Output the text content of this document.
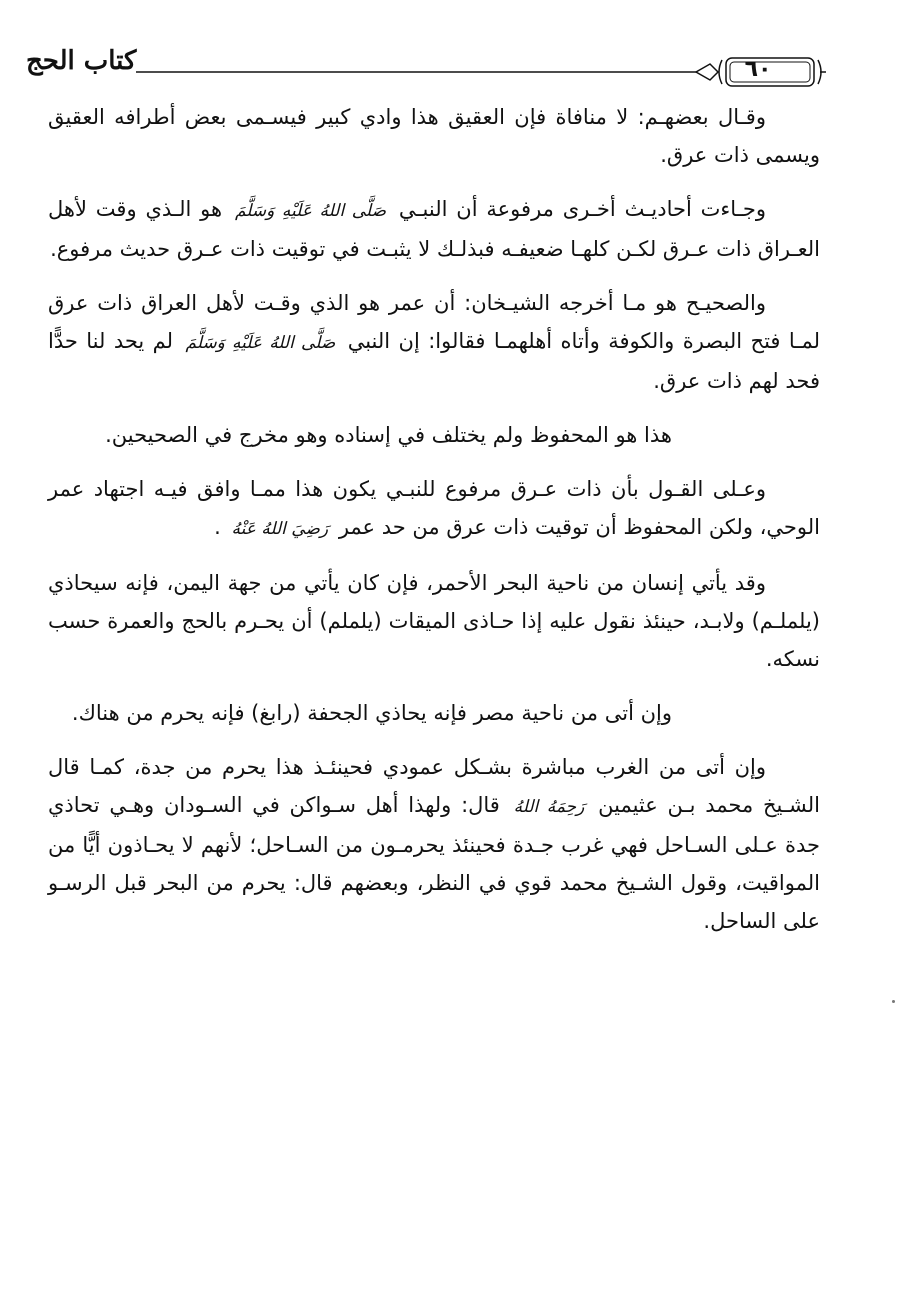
كتاب الحج	٦٠

وقـال بعضهـم: لا منافاة فإن العقيق هذا وادي كبير فيسـمى بعض أطرافه العقيق ويسمى ذات عرق.

وجـاءت أحاديـث أخـرى مرفوعة أن النبـي صَلَّى اللهُ عَلَيْهِ وَسَلَّمَ هو الـذي وقت لأهل العـراق ذات عـرق لكـن كلهـا ضعيفـه فبذلـك لا يثبـت في توقيت ذات عـرق حديث مرفوع.

والصحيـح هو مـا أخرجه الشيـخان: أن عمر هو الذي وقـت لأهل العراق ذات عرق لمـا فتح البصرة والكوفة وأتاه أهلهمـا فقالوا: إن النبي صَلَّى اللهُ عَلَيْهِ وَسَلَّمَ لم يحد لنا حدًّا فحد لهم ذات عرق.

هذا هو المحفوظ ولم يختلف في إسناده وهو مخرج في الصحيحين.

وعـلى القـول بأن ذات عـرق مرفوع للنبـي يكون هذا ممـا وافق فيـه اجتهاد عمر الوحي، ولكن المحفوظ أن توقيت ذات عرق من حد عمر رَضِيَ اللهُ عَنْهُ .

وقد يأتي إنسان من ناحية البحر الأحمر، فإن كان يأتي من جهة اليمن، فإنه سيحاذي (يلملـم) ولابـد، حينئذ نقول عليه إذا حـاذى الميقات (يلملم) أن يحـرم بالحج والعمرة حسب نسكه.

وإن أتى من ناحية مصر فإنه يحاذي الجحفة (رابغ) فإنه يحرم من هناك.

وإن أتى من الغرب مباشرة بشـكل عمودي فحينئـذ هذا يحرم من جدة، كمـا قال الشـيخ محمد بـن عثيمين رَحِمَهُ اللهُ قال: ولهذا أهل سـواكن في السـودان وهـي تحاذي جدة عـلى السـاحل فهي غرب جـدة فحينئذ يحرمـون من السـاحل؛ لأنهم لا يحـاذون أيًّا من المواقيت، وقول الشـيخ محمد قوي في النظر، وبعضهم قال: يحرم من البحر قبل الرسـو على الساحل.
